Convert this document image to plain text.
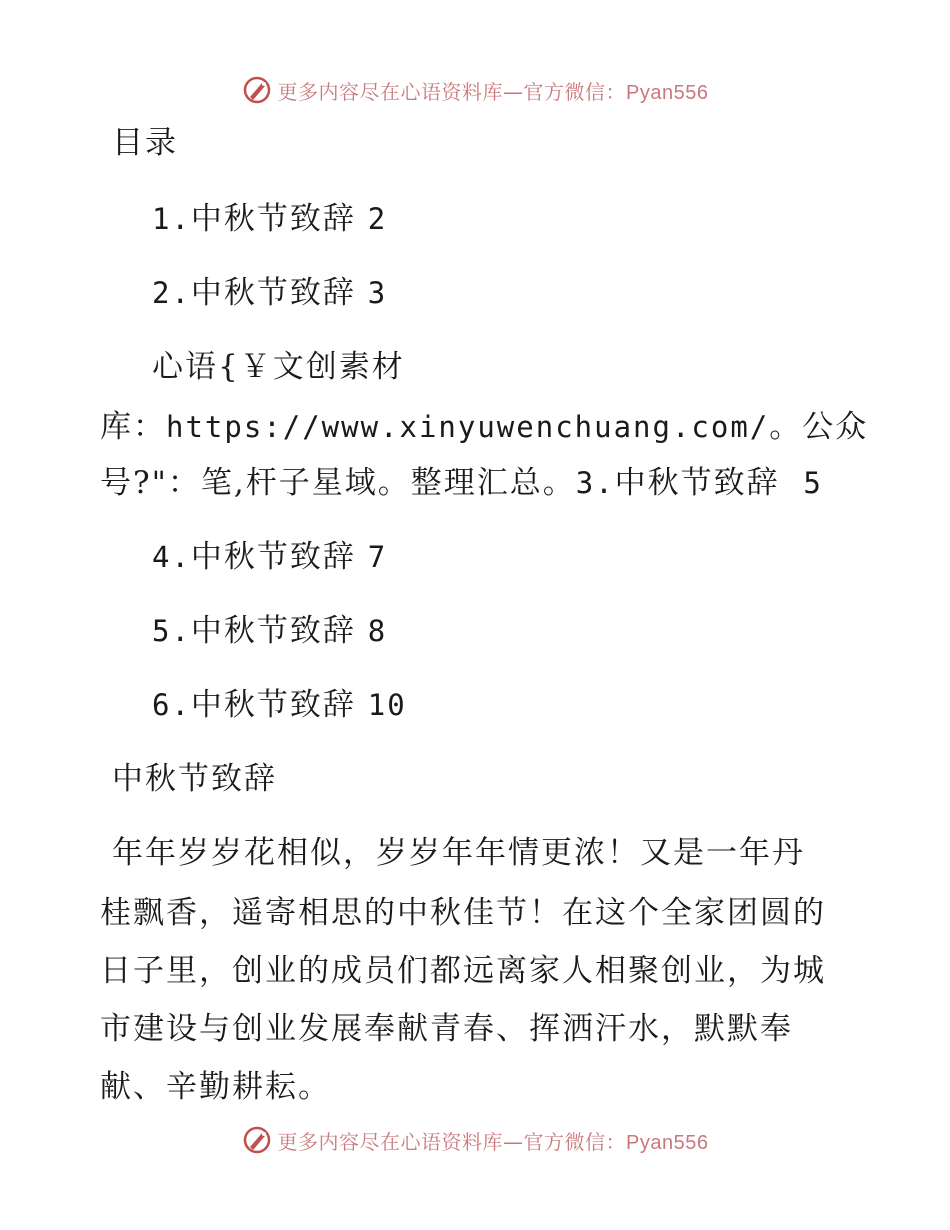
更多内容尽在心语资料库—官方微信：Pyan556
目录
1.中秋节致辞 2
2.中秋节致辞 3
心语{￥文创素材
库：https://www.xinyuwenchuang.com/。公众
号?"：笔,杆子星域。整理汇总。3.中秋节致辞 5
4.中秋节致辞 7
5.中秋节致辞 8
6.中秋节致辞 10
中秋节致辞
年年岁岁花相似，岁岁年年情更浓！又是一年丹
桂飘香，遥寄相思的中秋佳节！在这个全家团圆的
日子里，创业的成员们都远离家人相聚创业，为城
市建设与创业发展奉献青春、挥洒汗水，默默奉
献、辛勤耕耘。
更多内容尽在心语资料库—官方微信：Pyan556
